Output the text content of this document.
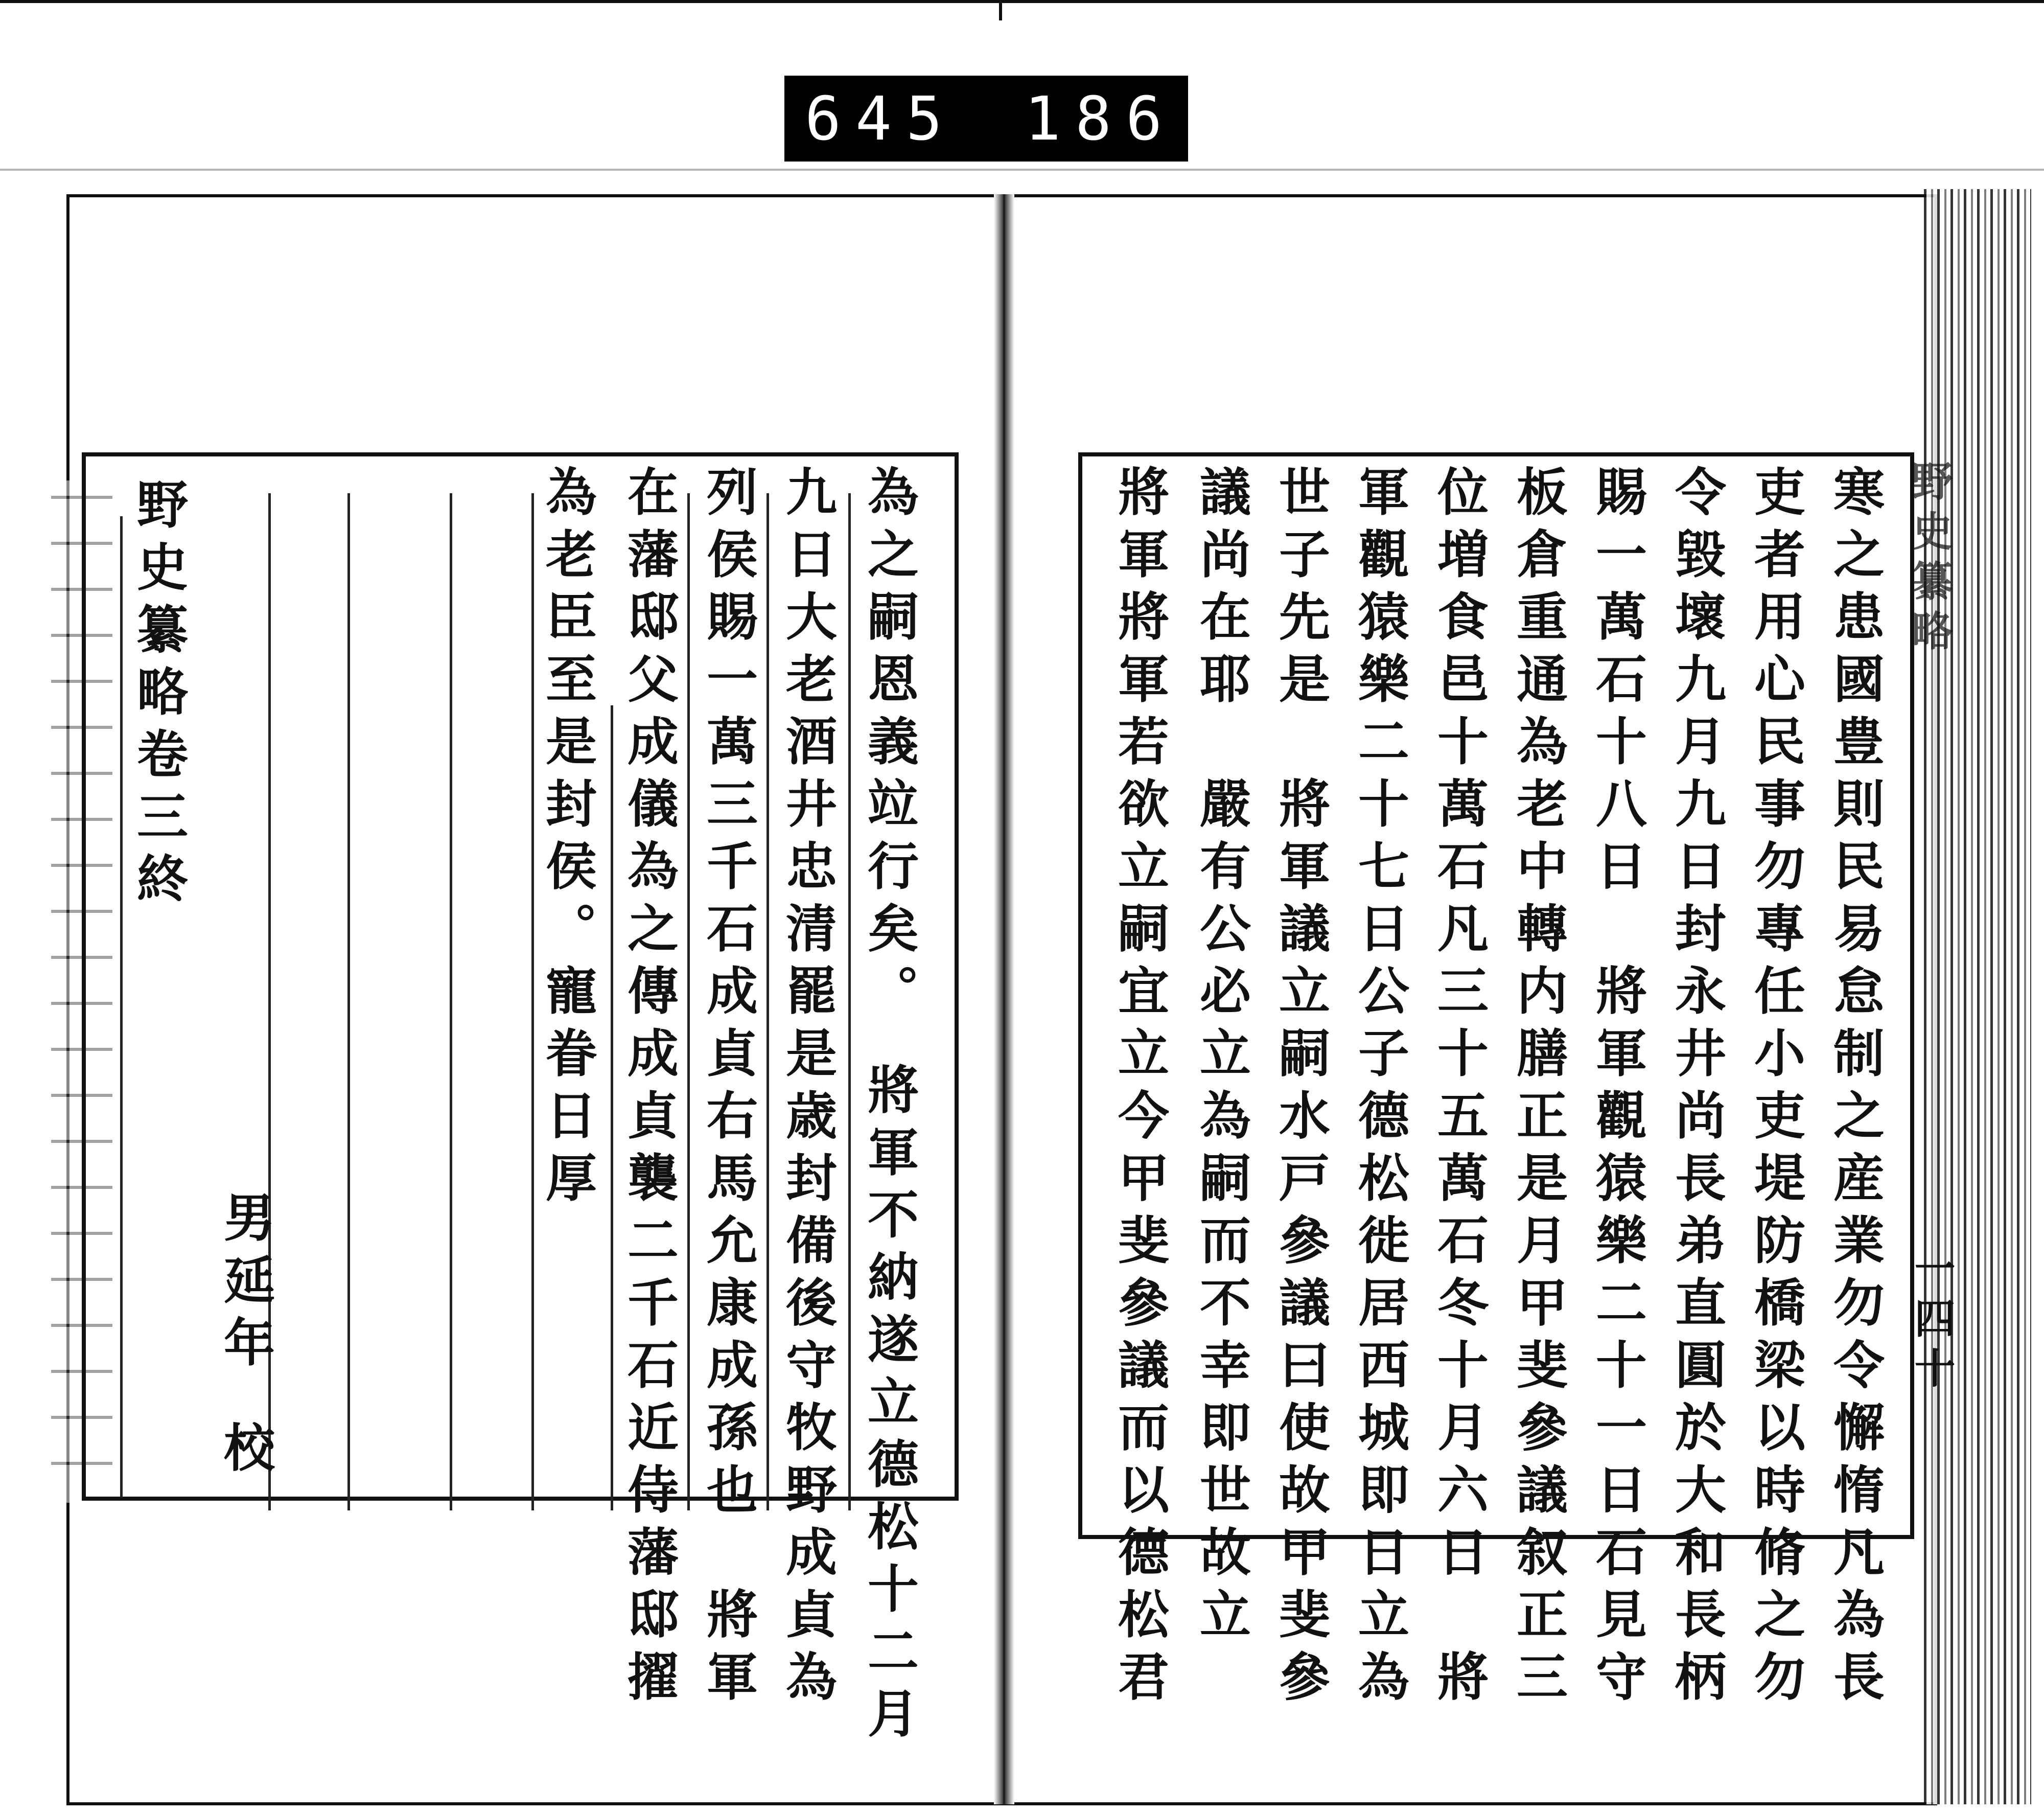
645 186.
為之嗣恩義竝行矣。　將軍不納遂立德松十二月
九日大老酒井忠清罷是歳封備後守牧野成貞為
列侯賜一萬三千石成貞右馬允康成孫也　將軍
在藩邸父成儀為之傳成貞襲二千石近侍藩邸擢
為老臣至是封侯。寵眷日厚
野史纂略卷三終
男延年
校
野史纂略
一四十
寒之患國豊則民易怠制之産業勿令懈惰凡為長
吏者用心民事勿專任小吏堤防橋梁以時脩之勿
令毀壞九月九日封永井尚長弟直圓於大和長柄
賜一萬石十八日　將軍觀猿樂二十一日石見守
板倉重通為老中轉内膳正是月甲斐參議叙正三
位増食邑十萬石凡三十五萬石冬十月六日　將
軍觀猿樂二十七日公子德松徙居西城即日立為
世子先是　將軍議立嗣水戸參議曰使故甲斐參
議尚在耶　嚴有公必立為嗣而不幸即世故立
將軍將軍若欲立嗣宜立今甲斐參議而以德松君
